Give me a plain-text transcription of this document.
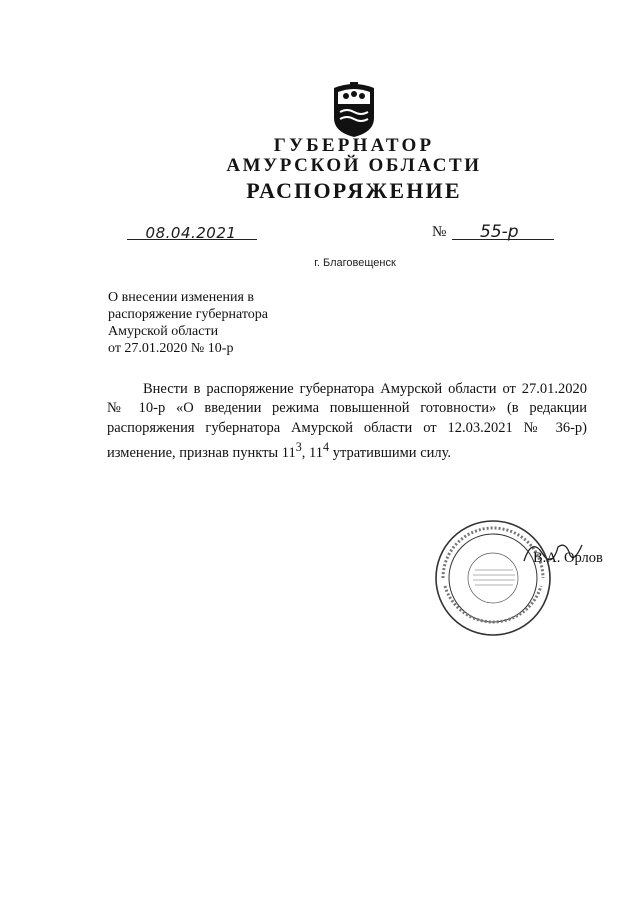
ГУБЕРНАТОР
АМУРСКОЙ ОБЛАСТИ
РАСПОРЯЖЕНИЕ
08.04.2021	№ 55-р
г. Благовещенск
О внесении изменения в
распоряжение губернатора
Амурской области
от 27.01.2020 № 10-р
Внести в распоряжение губернатора Амурской области от 27.01.2020 № 10-р «О введении режима повышенной готовности» (в редакции распоряжения губернатора Амурской области от 12.03.2021 № 36-р) изменение, признав пункты $11^3$, $11^4$ утратившими силу.
В.А. Орлов
